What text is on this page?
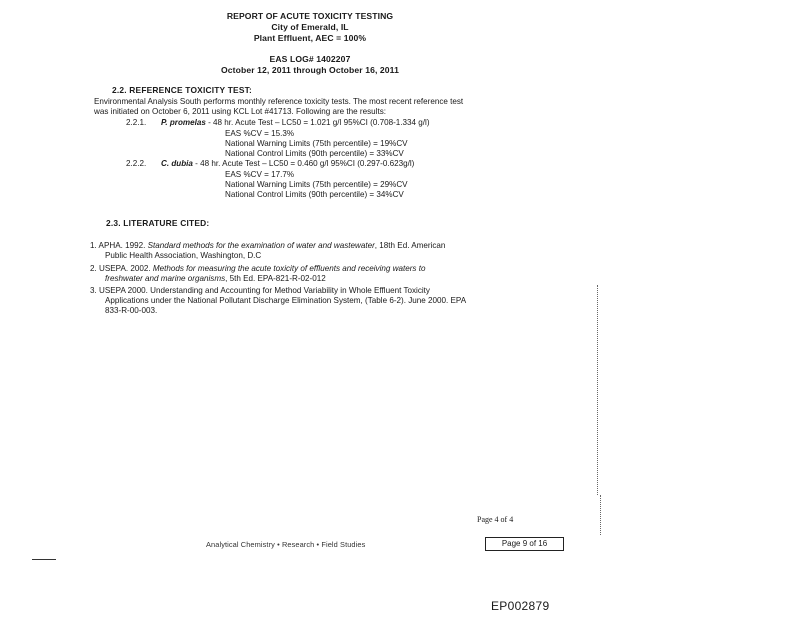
REPORT OF ACUTE TOXICITY TESTING
City of Emerald, IL
Plant Effluent, AEC = 100%
EAS LOG# 1402207
October 12, 2011 through October 16, 2011
2.2. REFERENCE TOXICITY TEST:
Environmental Analysis South performs monthly reference toxicity tests. The most recent reference test
was initiated on October 6, 2011 using KCL Lot #41713. Following are the results:
2.2.1. P. promelas - 48 hr. Acute Test – LC50 = 1.021 g/l 95%CI (0.708-1.334 g/l)
EAS %CV = 15.3%
National Warning Limits (75th percentile) = 19%CV
National Control Limits (90th percentile) = 33%CV
2.2.2. C. dubia - 48 hr. Acute Test – LC50 = 0.460 g/l 95%CI (0.297-0.623g/l)
EAS %CV = 17.7%
National Warning Limits (75th percentile) = 29%CV
National Control Limits (90th percentile) = 34%CV
2.3. LITERATURE CITED:
1. APHA. 1992. Standard methods for the examination of water and wastewater, 18th Ed. American
Public Health Association, Washington, D.C
2. USEPA. 2002. Methods for measuring the acute toxicity of effluents and receiving waters to
freshwater and marine organisms, 5th Ed. EPA-821-R-02-012
3. USEPA 2000. Understanding and Accounting for Method Variability in Whole Effluent Toxicity
Applications under the National Pollutant Discharge Elimination System, (Table 6-2). June 2000. EPA
833-R-00-003.
Page 4 of 4
Analytical Chemistry • Research • Field Studies	Page 9 of 16
EP002879
